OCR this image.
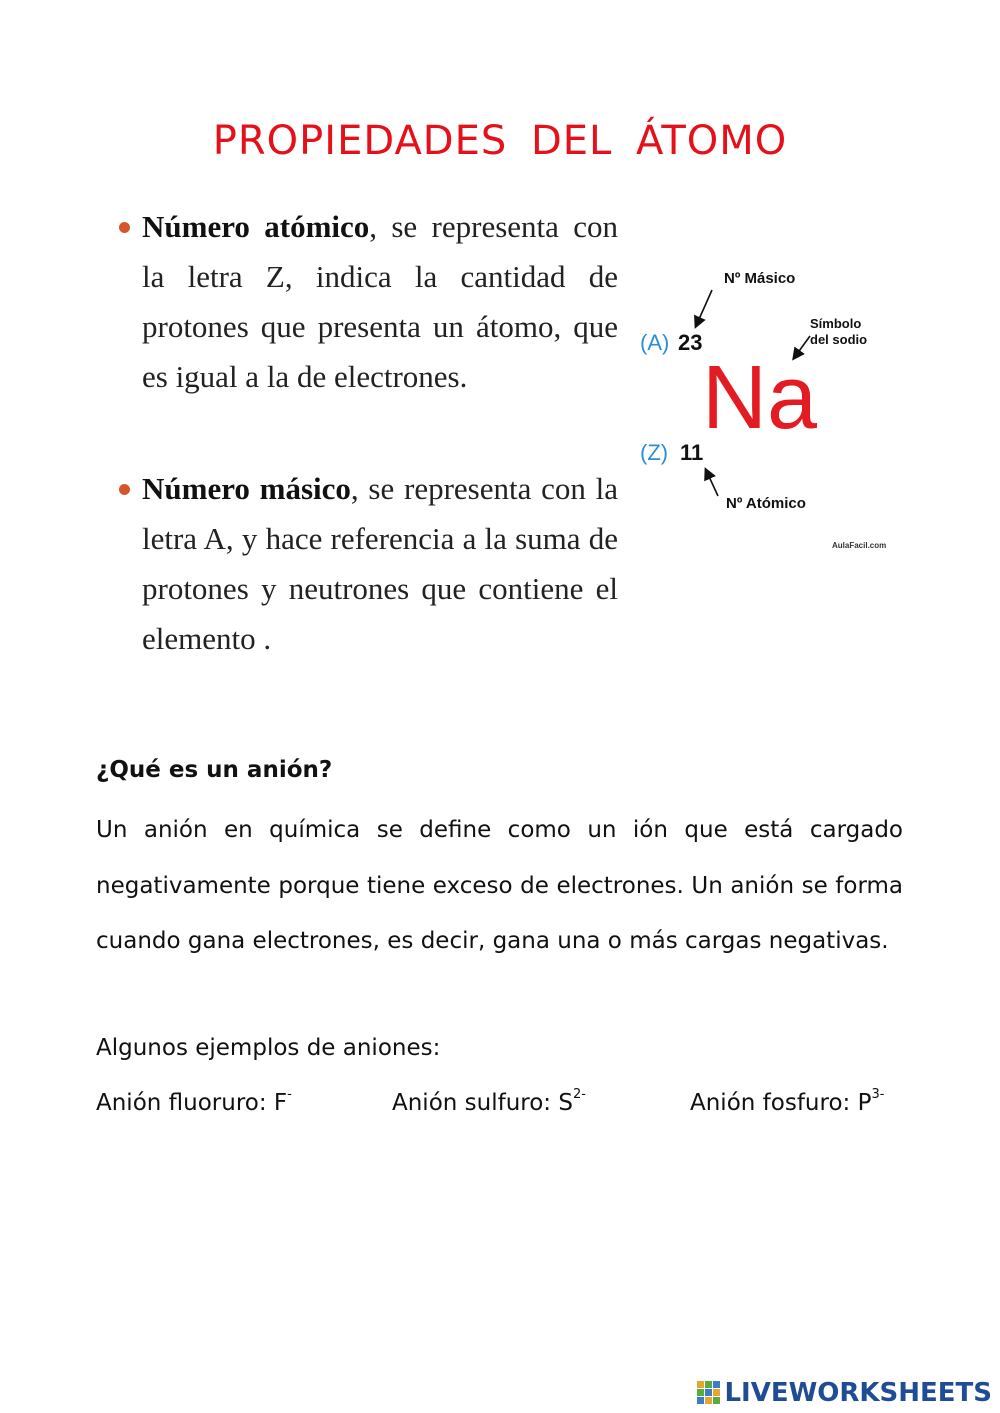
PROPIEDADES DEL ÁTOMO
Número atómico, se representa con la letra Z, indica la cantidad de protones que presenta un átomo, que es igual a la de electrones.
Número másico, se representa con la letra A, y hace referencia a la suma de protones y neutrones que contiene el elemento .
Nº Másico
(A) 23
Símbolo
del sodio
Na
(Z) 11
Nº Atómico
AulaFacil.com
¿Qué es un anión?
Un anión en química se define como un ión que está cargado negativamente porque tiene exceso de electrones. Un anión se forma cuando gana electrones, es decir, gana una o más cargas negativas.
Algunos ejemplos de aniones:
Anión fluoruro: F-	Anión sulfuro: $S^{2-}$	Anión fosfuro: $P^{3-}$
LIVEWORKSHEETS
